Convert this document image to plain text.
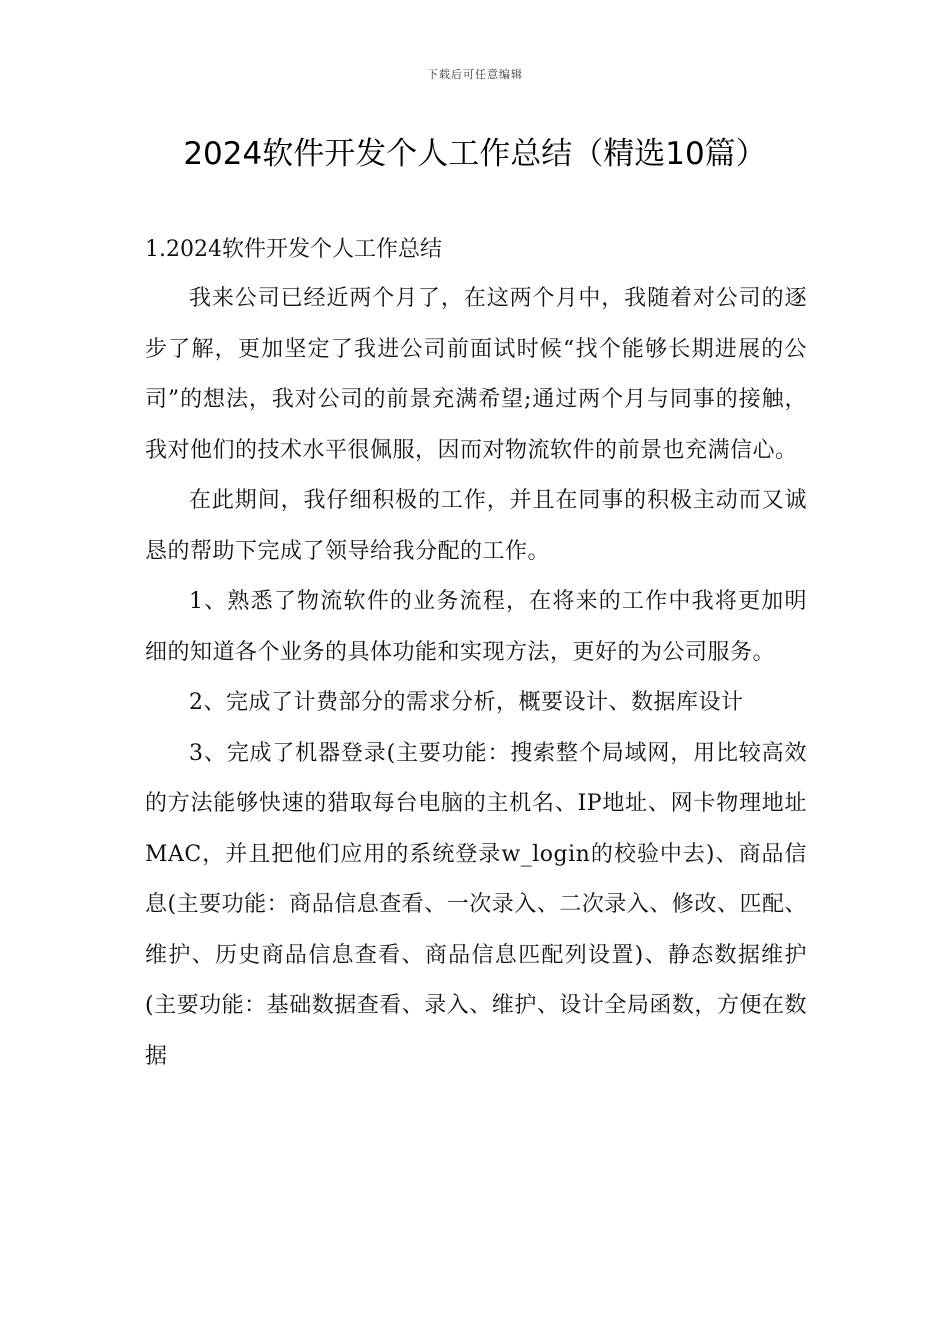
下载后可任意编辑
2024软件开发个人工作总结（精选10篇）

1.2024软件开发个人工作总结

我来公司已经近两个月了，在这两个月中，我随着对公司的逐步了解，更加坚定了我进公司前面试时候“找个能够长期进展的公司”的想法，我对公司的前景充满希望;通过两个月与同事的接触，我对他们的技术水平很佩服，因而对物流软件的前景也充满信心。

在此期间，我仔细积极的工作，并且在同事的积极主动而又诚恳的帮助下完成了领导给我分配的工作。

1、熟悉了物流软件的业务流程，在将来的工作中我将更加明细的知道各个业务的具体功能和实现方法，更好的为公司服务。

2、完成了计费部分的需求分析，概要设计、数据库设计

3、完成了机器登录(主要功能：搜索整个局域网，用比较高效的方法能够快速的猎取每台电脑的主机名、IP地址、网卡物理地址MAC，并且把他们应用的系统登录w_login的校验中去)、商品信息(主要功能：商品信息查看、一次录入、二次录入、修改、匹配、维护、历史商品信息查看、商品信息匹配列设置)、静态数据维护(主要功能：基础数据查看、录入、维护、设计全局函数，方便在数据
